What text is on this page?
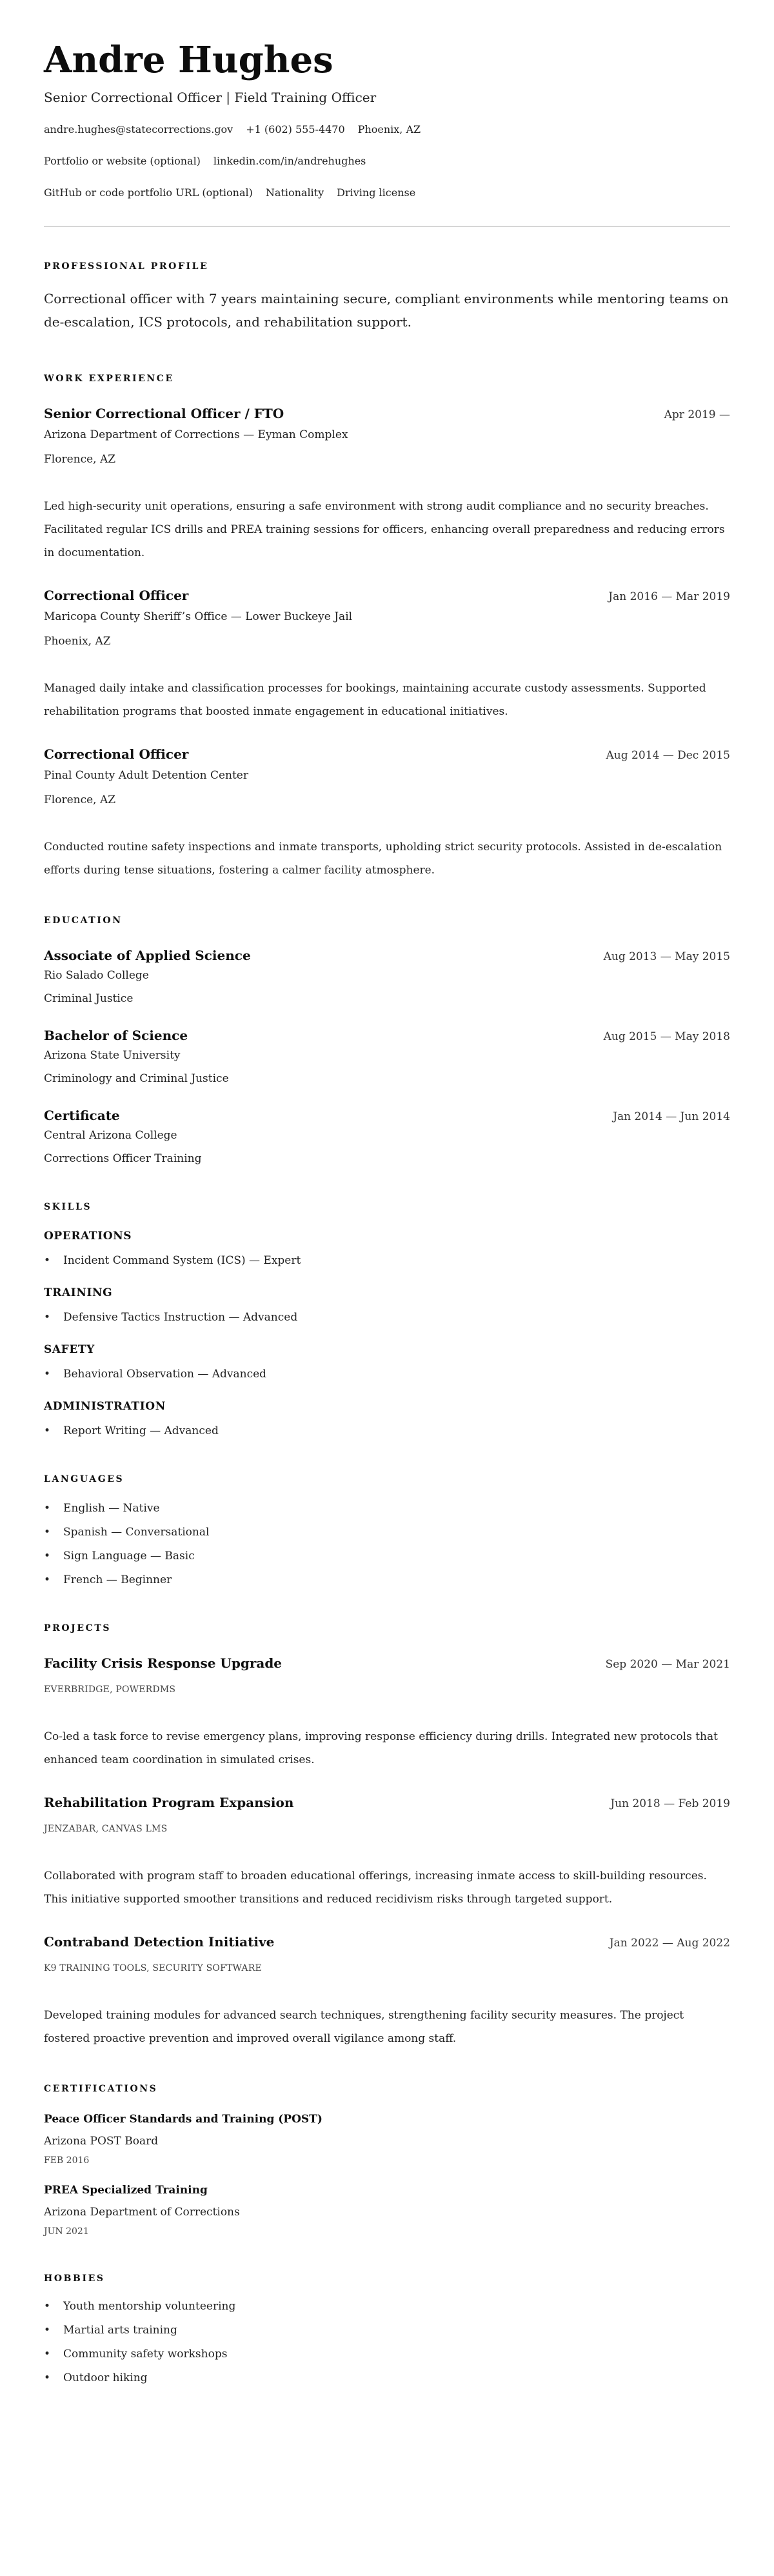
Andre Hughes
Senior Correctional Officer | Field Training Officer
andre.hughes@statecorrections.gov +1 (602) 555-4470 Phoenix, AZ
Portfolio or website (optional) linkedin.com/in/andrehughes
GitHub or code portfolio URL (optional) Nationality Driving license
PROFESSIONAL PROFILE

Correctional officer with 7 years maintaining secure, compliant environments while mentoring teams on de-escalation, ICS protocols, and rehabilitation support.

WORK EXPERIENCE
Senior Correctional Officer / FTO	Apr 2019 —
Arizona Department of Corrections — Eyman Complex
Florence, AZ

Led high-security unit operations, ensuring a safe environment with strong audit compliance and no security breaches. Facilitated regular ICS drills and PREA training sessions for officers, enhancing overall preparedness and reducing errors in documentation.

Correctional Officer	Jan 2016 — Mar 2019
Maricopa County Sheriff’s Office — Lower Buckeye Jail
Phoenix, AZ

Managed daily intake and classification processes for bookings, maintaining accurate custody assessments. Supported rehabilitation programs that boosted inmate engagement in educational initiatives.

Correctional Officer	Aug 2014 — Dec 2015
Pinal County Adult Detention Center
Florence, AZ

Conducted routine safety inspections and inmate transports, upholding strict security protocols. Assisted in de-escalation efforts during tense situations, fostering a calmer facility atmosphere.

EDUCATION
Associate of Applied Science	Aug 2013 — May 2015
Rio Salado College
Criminal Justice
Bachelor of Science	Aug 2015 — May 2018
Arizona State University
Criminology and Criminal Justice
Certificate	Jan 2014 — Jun 2014
Central Arizona College
Corrections Officer Training
SKILLS
OPERATIONS
• Incident Command System (ICS) — Expert
TRAINING
• Defensive Tactics Instruction — Advanced
SAFETY
• Behavioral Observation — Advanced
ADMINISTRATION
• Report Writing — Advanced
LANGUAGES
• English — Native
• Spanish — Conversational
• Sign Language — Basic
• French — Beginner
PROJECTS
Facility Crisis Response Upgrade	Sep 2020 — Mar 2021
EVERBRIDGE, POWERDMS

Co-led a task force to revise emergency plans, improving response efficiency during drills. Integrated new protocols that enhanced team coordination in simulated crises.

Rehabilitation Program Expansion	Jun 2018 — Feb 2019
JENZABAR, CANVAS LMS

Collaborated with program staff to broaden educational offerings, increasing inmate access to skill-building resources. This initiative supported smoother transitions and reduced recidivism risks through targeted support.

Contraband Detection Initiative	Jan 2022 — Aug 2022
K9 TRAINING TOOLS, SECURITY SOFTWARE

Developed training modules for advanced search techniques, strengthening facility security measures. The project fostered proactive prevention and improved overall vigilance among staff.

CERTIFICATIONS
Peace Officer Standards and Training (POST)
Arizona POST Board
FEB 2016
PREA Specialized Training
Arizona Department of Corrections
JUN 2021
HOBBIES
• Youth mentorship volunteering
• Martial arts training
• Community safety workshops
• Outdoor hiking
